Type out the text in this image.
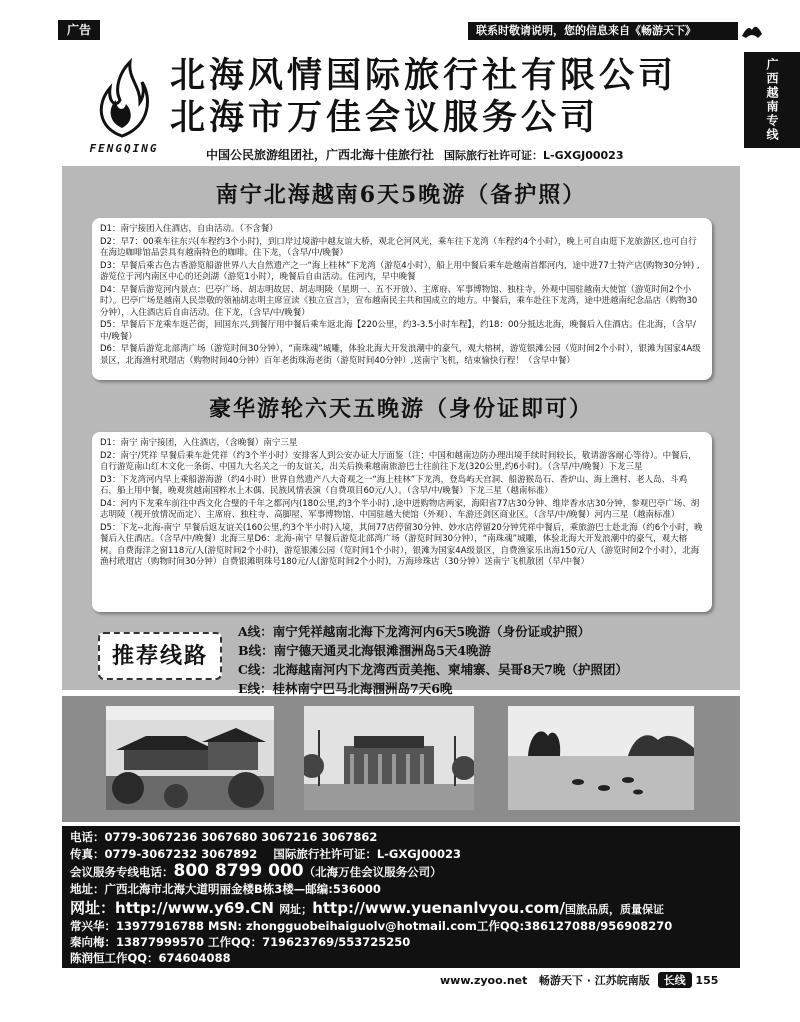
广告	联系时敬请说明，您的信息来自《畅游天下》
广西越南专线
FENGQING
北海风情国际旅行社有限公司
北海市万佳会议服务公司
中国公民旅游组团社，广西北海十佳旅行社 国际旅行社许可证：L-GXGJ00023
南宁北海越南6天5晚游（备护照）

D1：南宁接团入住酒店，自由活动。（不含餐）

D2：早7：00乘车往东兴(车程约3个小时)，到口岸过境游中越友谊大桥，观北仑河风光，乘车往下龙湾（车程约4个小时），晚上可自由逛下龙旅游区,也可自行在海边咖啡馆品尝具有越南特色的咖啡。住下龙，（含早/中/晚餐）

D3：早餐后乘古色古香游览船游世界八大自然遗产之一“海上桂林”下龙湾（游览4小时），船上用中餐后乘车赴越南首都河内，途中进77士特产店(购物30分钟) ,游览位于河内南区中心的还剑湖（游览1小时），晚餐后自由活动。住河内，早中晚餐

D4：早餐后游览河内景点：巴亭广场、胡志明故居、胡志明陵（星期一、五不开放）、主席府、军事博物馆、独柱寺，外观中国驻越南大使馆（游览时间2个小时）。巴亭广场是越南人民崇敬的领袖胡志明主席宣读《独立宣言》，宣布越南民主共和国成立的地方。中餐后，乘车赴往下龙湾，途中进越南纪念品店（购物30分钟），入住酒店后自由活动。住下龙，（含早/中/晚餐）

D5：早餐后下龙乘车返芒街，回国东兴,到餐厅用中餐后乘车返北海【220公里，约3-3.5小时车程】，约18：00分抵达北海，晚餐后入住酒店。住北海，（含早/中/晚餐）

D6：早餐后游览北部湾广场（游览时间30分钟），“南珠魂”城雕，体验北海大开发浪潮中的豪气，观大榕树，游览银滩公园（览时间2个小时），银滩为国家4A级景区，北海渔村玳瑁店（购物时间40分钟）百年老街珠海老街（游览时间40分钟）,送南宁飞机，结束愉快行程！（含早中餐）

豪华游轮六天五晚游（身份证即可）

D1：南宁 南宁接团，入住酒店，（含晚餐）南宁三星

D2：南宁/凭祥 早餐后乘车赴凭祥（约3个半小时）安排客人到公安办证大厅面鉴（注：中国和越南边防办理出境手续时间较长，敬请游客耐心等待）。中餐后，自行游览南山红木文化一条街、中国九大名关之一的友谊关，出关后换乘越南旅游巴士往前往下龙(320公里,约6小时)。（含早/中/晚餐）下龙三星

D3：下龙湾河内早上乘船游海游（约4小时）世界自然遗产八大奇观之一“海上桂林”下龙湾，登岛屿天宫洞、船游猴岛石、香炉山、海上渔村、老人岛、斗鸡石，船上用中餐，晚观赏越南国粹水上木偶、民族风情表演（自费项目60元/人）。（含早/中/晚餐）下龙三星（越南标准）

D4：河内下龙乘车前往中西文化合璧的千年之都河内(180公里,约3个半小时) ,途中进购物店两家，海阳省77店30分钟、维岸香水店30分钟，参观巴亭广场、胡志明陵（视开放情况而定）、主席府、独柱寺、高脚屋、军事博物馆、中国驻越大使馆（外观）、车游还剑区商业区。（含早/中/晚餐）河内三星（越南标准）

D5：下龙--北海-南宁 早餐后返友谊关(160公里,约3个半小时)入境，其间77店停留30分钟、妙水店停留20分钟凭祥中餐后，乘旅游巴士赴北海（约6个小时，晚餐后入住酒店。（含早/中/晚餐）北海三星D6：北海-南宁 早餐后游览北部湾广场（游览时间30分钟），“南珠魂”城雕，体验北海大开发浪潮中的豪气，观大榕树。自费海洋之窗118元/人(游览时间2个小时)，游览银滩公园（览时间1个小时），银滩为国家4A级景区，自费渔家乐出海150元/人（游览时间2个小时），北海渔村玳瑁店（购物时间30分钟）自费银滩明珠号180元/人(游览时间2个小时)，万海珍珠店（30分钟）送南宁飞机散团（早/中餐）

推荐线路
A线：南宁凭祥越南北海下龙湾河内6天5晚游（身份证或护照）
B线：南宁德天通灵北海银滩涠洲岛5天4晚游
C线：北海越南河内下龙湾西贡美拖、柬埔寨、吴哥8天7晚（护照团）
E线：桂林南宁巴马北海涠洲岛7天6晚
电话：0779-3067236 3067680 3067216 3067862
传真：0779-3067232 3067892 国际旅行社许可证：L-GXGJ00023
会议服务专线电话：800 8799 000（北海万佳会议服务公司）
地址：广西北海市北海大道明丽金楼B栋3楼—邮编:536000
网址：http://www.y69.CN 网址；http://www.yuenanlvyou.com/国旅品质，质量保证
常兴华：13977916788 MSN: zhongguobeihaiguolv@hotmail.com工作QQ:386127088/956908270
秦向梅：13877999570 工作QQ：719623769/553725250
陈润恒工作QQ：674604088
www.zyoo.net 畅游天下 · 江苏皖南版 长线 155
